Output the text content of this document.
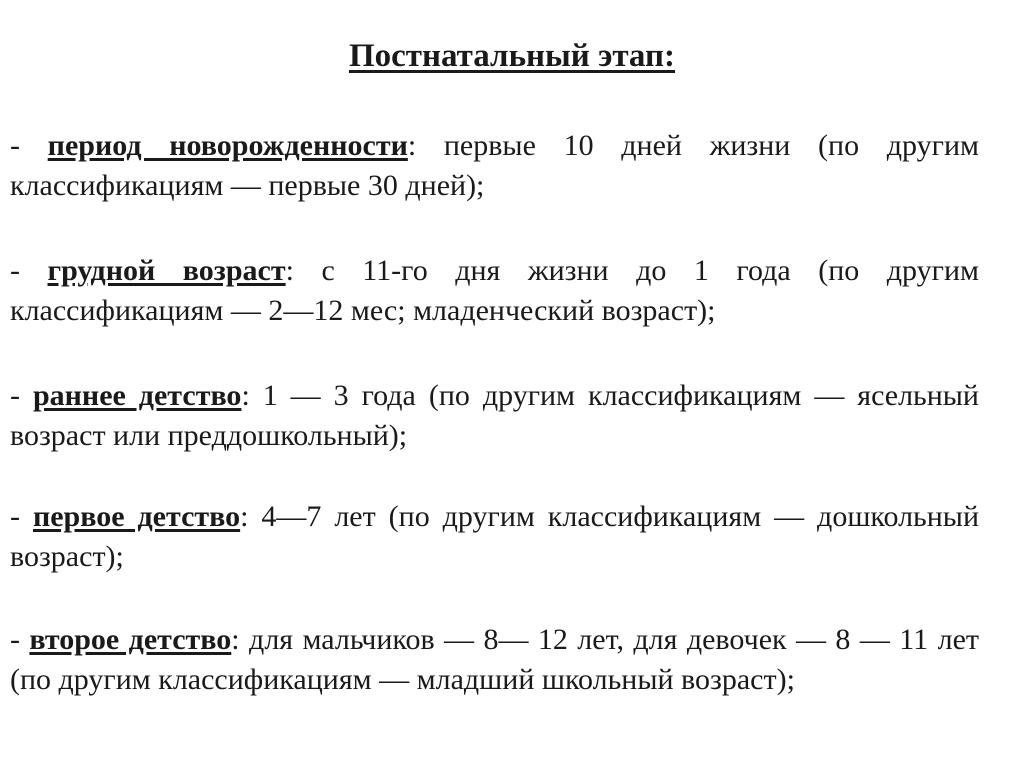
Постнатальный этап:
- период новорожденности: первые 10 дней жизни (по другим классификациям — первые 30 дней);
- грудной возраст: с 11-го дня жизни до 1 года (по другим классификациям — 2—12 мес; младенческий возраст);
- раннее детство: 1 — 3 года (по другим классификациям — ясельный возраст или преддошкольный);
- первое детство: 4—7 лет (по другим классификациям — дошкольный возраст);
- второе детство: для мальчиков — 8— 12 лет, для девочек — 8 — 11 лет (по другим классификациям — младший школьный возраст);
